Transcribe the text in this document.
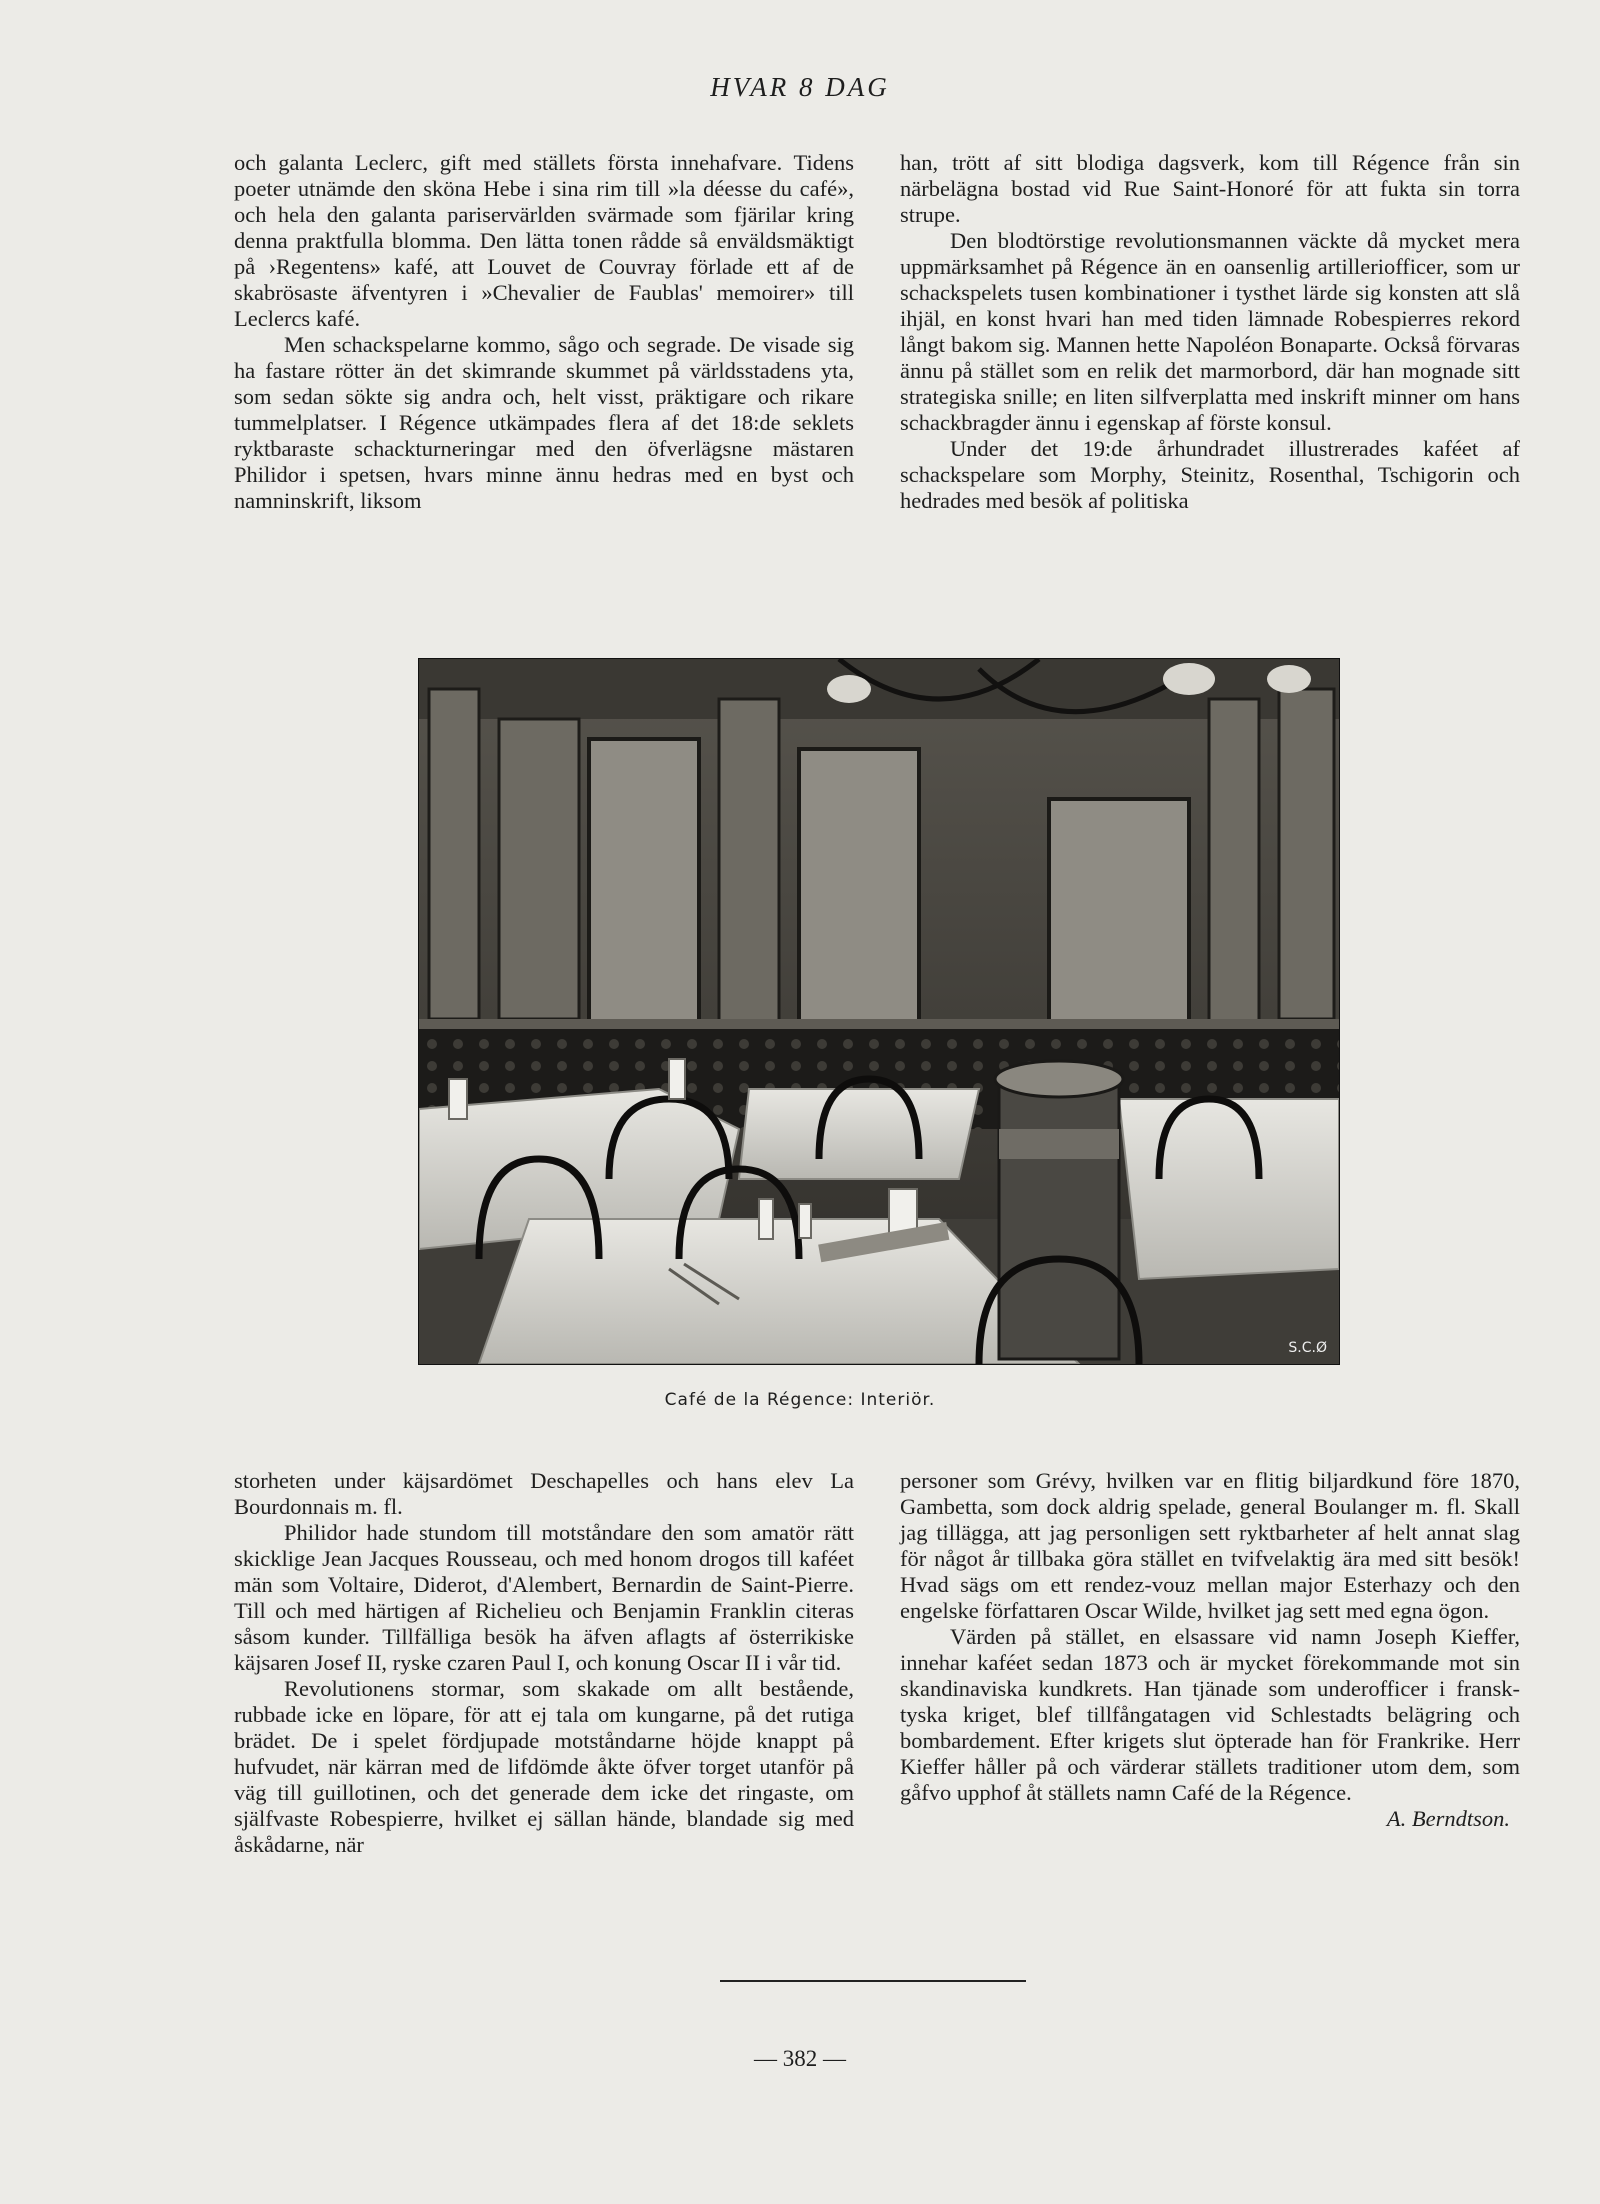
HVAR 8 DAG

och galanta Leclerc, gift med ställets första innehafvare. Tidens poeter utnämde den sköna Hebe i sina rim till »la déesse du café», och hela den galanta pariservärlden svärmade som fjärilar kring denna praktfulla blomma. Den lätta tonen rådde så enväldsmäktigt på ›Regentens» kafé, att Louvet de Couvray förlade ett af de skabrösaste äfventyren i »Chevalier de Faublas' memoirer» till Leclercs kafé.

Men schackspelarne kommo, sågo och segrade. De visade sig ha fastare rötter än det skimrande skummet på världsstadens yta, som sedan sökte sig andra och, helt visst, präktigare och rikare tummelplatser. I Régence utkämpades flera af det 18:de seklets ryktbaraste schackturneringar med den öfverlägsne mästaren Philidor i spetsen, hvars minne ännu hedras med en byst och namninskrift, liksom

han, trött af sitt blodiga dagsverk, kom till Régence från sin närbelägna bostad vid Rue Saint-Honoré för att fukta sin torra strupe.

Den blodtörstige revolutionsmannen väckte då mycket mera uppmärksamhet på Régence än en oansenlig artilleriofficer, som ur schackspelets tusen kombinationer i tysthet lärde sig konsten att slå ihjäl, en konst hvari han med tiden lämnade Robespierres rekord långt bakom sig. Mannen hette Napoléon Bonaparte. Också förvaras ännu på stället som en relik det marmorbord, där han mognade sitt strategiska snille; en liten silfverplatta med inskrift minner om hans schackbragder ännu i egenskap af förste konsul.

Under det 19:de århundradet illustrerades kaféet af schackspelare som Morphy, Steinitz, Rosenthal, Tschigorin och hedrades med besök af politiska

S.C.Ø
Café de la Régence: Interiör.

storheten under käjsardömet Deschapelles och hans elev La Bourdonnais m. fl.

Philidor hade stundom till motståndare den som amatör rätt skicklige Jean Jacques Rousseau, och med honom drogos till kaféet män som Voltaire, Diderot, d'Alembert, Bernardin de Saint-Pierre. Till och med härtigen af Richelieu och Benjamin Franklin citeras såsom kunder. Tillfälliga besök ha äfven aflagts af österrikiske käjsaren Josef II, ryske czaren Paul I, och konung Oscar II i vår tid.

Revolutionens stormar, som skakade om allt bestående, rubbade icke en löpare, för att ej tala om kungarne, på det rutiga brädet. De i spelet fördjupade motståndarne höjde knappt på hufvudet, när kärran med de lifdömde åkte öfver torget utanför på väg till guillotinen, och det generade dem icke det ringaste, om själfvaste Robespierre, hvilket ej sällan hände, blandade sig med åskådarne, när

personer som Grévy, hvilken var en flitig biljardkund före 1870, Gambetta, som dock aldrig spelade, general Boulanger m. fl. Skall jag tillägga, att jag personligen sett ryktbarheter af helt annat slag för något år tillbaka göra stället en tvifvelaktig ära med sitt besök! Hvad sägs om ett rendez-vouz mellan major Esterhazy och den engelske författaren Oscar Wilde, hvilket jag sett med egna ögon.

Värden på stället, en elsassare vid namn Joseph Kieffer, innehar kaféet sedan 1873 och är mycket förekommande mot sin skandinaviska kundkrets. Han tjänade som underofficer i fransk-tyska kriget, blef tillfångatagen vid Schlestadts belägring och bombardement. Efter krigets slut öpterade han för Frankrike. Herr Kieffer håller på och värderar ställets traditioner utom dem, som gåfvo upphof åt ställets namn Café de la Régence.

A. Berndtson.

— 382 —
